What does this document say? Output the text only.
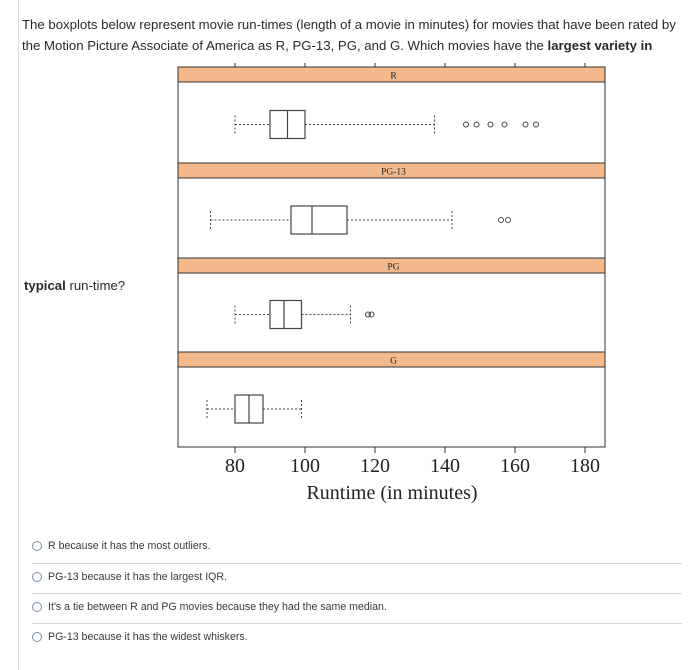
The boxplots below represent movie run-times (length of a movie in minutes) for movies that have been rated by the Motion Picture Associate of America as R, PG-13, PG, and G. Which movies have the largest variety in
typical run-time?
R
PG-13
PG
G
80 100 120 140 160 180
Runtime (in minutes)
R because it has the most outliers.
PG-13 because it has the largest IQR.
It's a tie between R and PG movies because they had the same median.
PG-13 because it has the widest whiskers.
